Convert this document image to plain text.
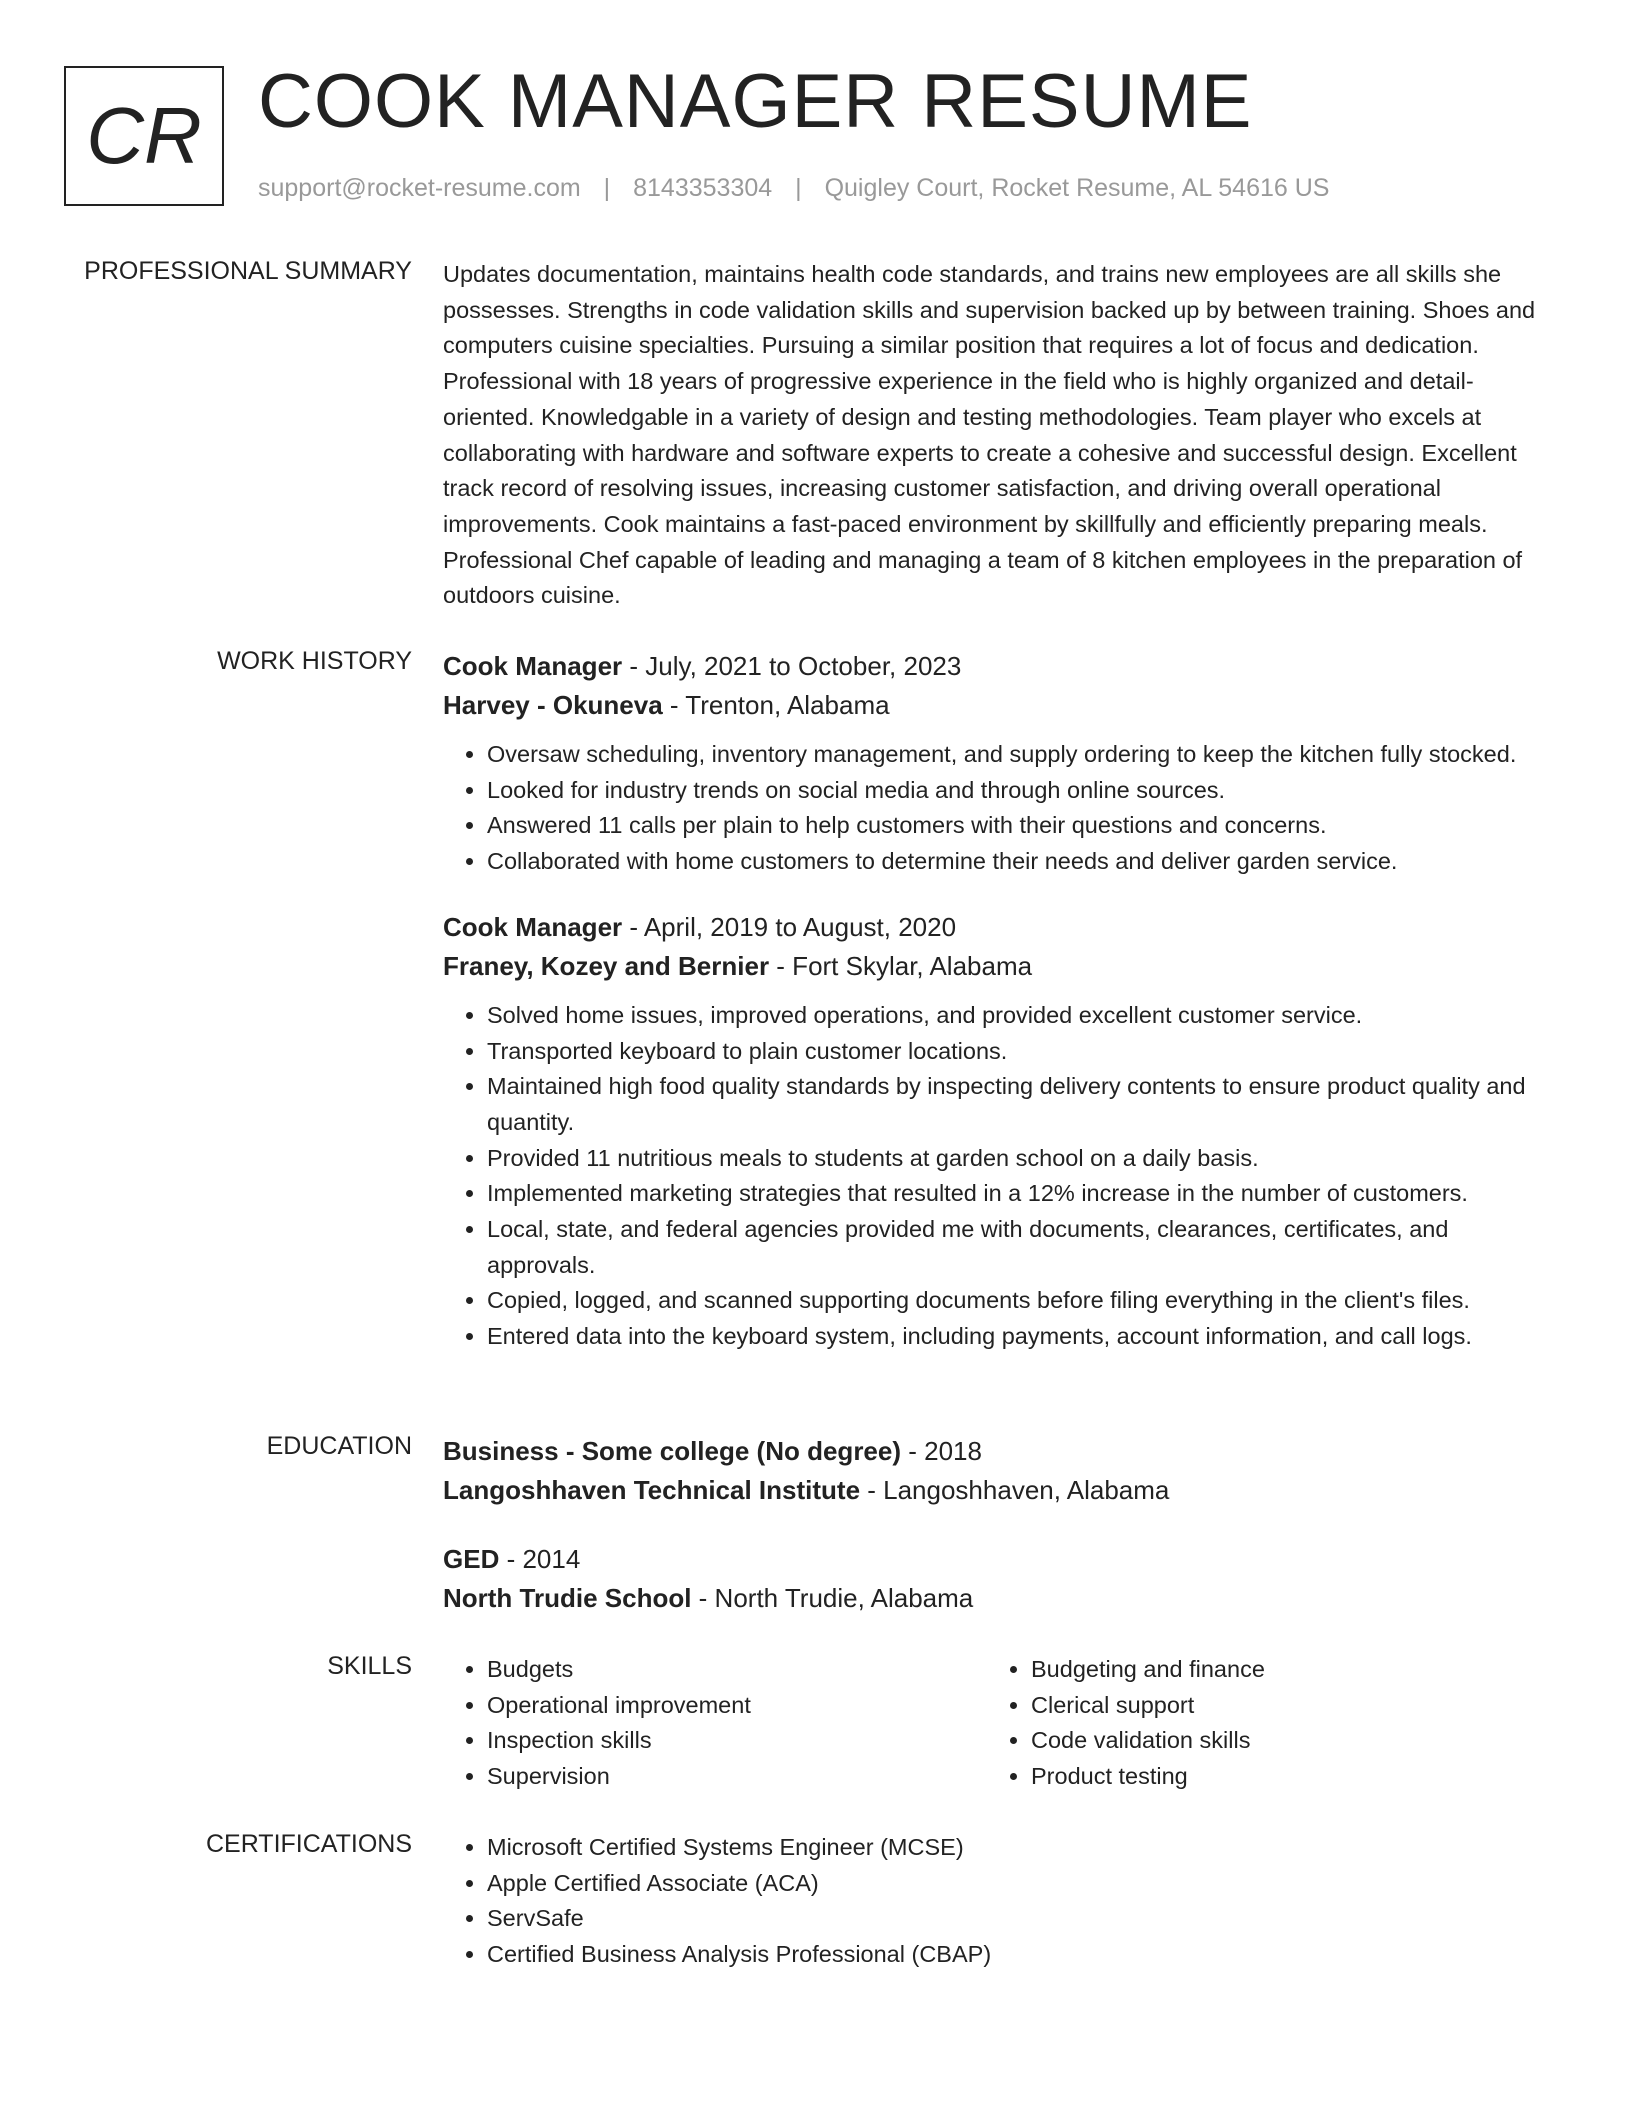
CR COOK MANAGER RESUME
support@rocket-resume.com | 8143353304 | Quigley Court, Rocket Resume, AL 54616 US
PROFESSIONAL SUMMARY Updates documentation, maintains health code standards, and trains new employees are all skills she possesses. Strengths in code validation skills and supervision backed up by between training. Shoes and computers cuisine specialties. Pursuing a similar position that requires a lot of focus and dedication. Professional with 18 years of progressive experience in the field who is highly organized and detail-oriented. Knowledgable in a variety of design and testing methodologies. Team player who excels at collaborating with hardware and software experts to create a cohesive and successful design. Excellent track record of resolving issues, increasing customer satisfaction, and driving overall operational improvements. Cook maintains a fast-paced environment by skillfully and efficiently preparing meals. Professional Chef capable of leading and managing a team of 8 kitchen employees in the preparation of outdoors cuisine.

WORK HISTORY Cook Manager - July, 2021 to October, 2023
Harvey - Okuneva - Trenton, Alabama
• Oversaw scheduling, inventory management, and supply ordering to keep the kitchen fully stocked.
• Looked for industry trends on social media and through online sources.
• Answered 11 calls per plain to help customers with their questions and concerns.
• Collaborated with home customers to determine their needs and deliver garden service.
Cook Manager - April, 2019 to August, 2020
Franey, Kozey and Bernier - Fort Skylar, Alabama
• Solved home issues, improved operations, and provided excellent customer service.
• Transported keyboard to plain customer locations.
• Maintained high food quality standards by inspecting delivery contents to ensure product quality and quantity.
• Provided 11 nutritious meals to students at garden school on a daily basis.
• Implemented marketing strategies that resulted in a 12% increase in the number of customers.
• Local, state, and federal agencies provided me with documents, clearances, certificates, and approvals.
• Copied, logged, and scanned supporting documents before filing everything in the client's files.
• Entered data into the keyboard system, including payments, account information, and call logs.
EDUCATION Business - Some college (No degree) - 2018
Langoshhaven Technical Institute - Langoshhaven, Alabama
GED - 2014
North Trudie School - North Trudie, Alabama
SKILLS	• Budgets
• Operational improvement
• Inspection skills
• Supervision
• Budgeting and finance
• Clerical support
• Code validation skills
• Product testing
CERTIFICATIONS	• Microsoft Certified Systems Engineer (MCSE)
• Apple Certified Associate (ACA)
• ServSafe
• Certified Business Analysis Professional (CBAP)
